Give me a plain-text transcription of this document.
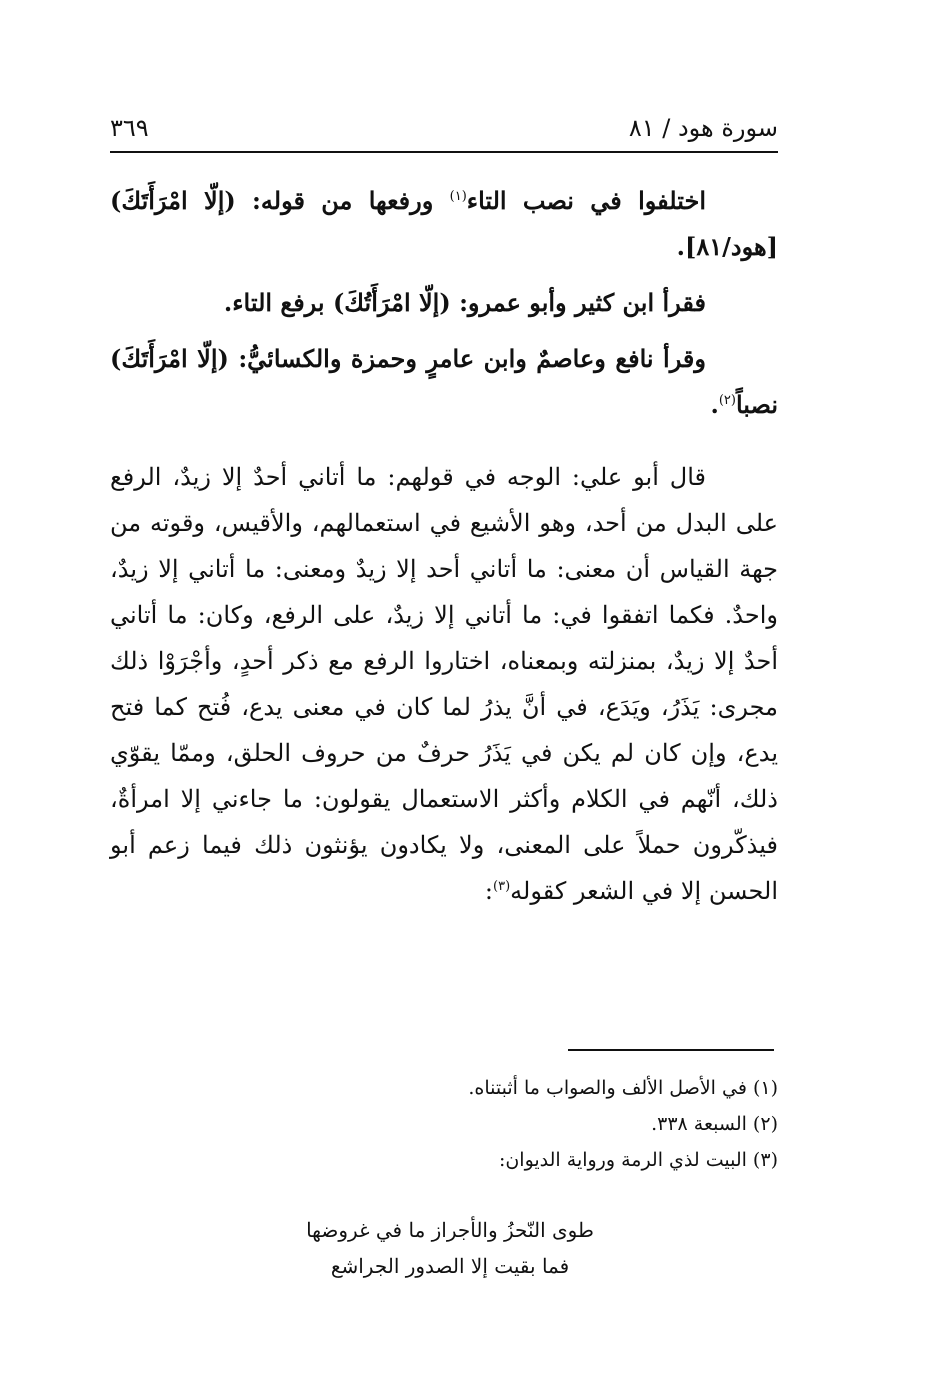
سورة هود / ٨١
٣٦٩

اختلفوا في نصب التاء$^{(١)}$ ورفعها من قوله: (إلّا امْرَأَتَكَ) [هود/٨١].

فقرأ ابن كثير وأبو عمرو: (إلّا امْرَأَتُكَ) برفع التاء.

وقرأ نافع وعاصمٌ وابن عامرٍ وحمزة والكسائيُّ: (إلّا امْرَأَتَكَ) نصباً$^{(٢)}$.

قال أبو علي: الوجه في قولهم: ما أتاني أحدٌ إلا زيدٌ، الرفع على البدل من أحد، وهو الأشيع في استعمالهم، والأقيس، وقوته من جهة القياس أن معنى: ما أتاني أحد إلا زيدٌ ومعنى: ما أتاني إلا زيدٌ، واحدٌ. فكما اتفقوا في: ما أتاني إلا زيدٌ، على الرفع، وكان: ما أتاني أحدٌ إلا زيدٌ، بمنزلته وبمعناه، اختاروا الرفع مع ذكر أحدٍ، وأجْرَوْا ذلك مجرى: يَذَرُ، ويَدَع، في أنَّ يذرُ لما كان في معنى يدع، فُتح كما فتح يدع، وإن كان لم يكن في يَذَرُ حرفٌ من حروف الحلق، وممّا يقوّي ذلك، أنّهم في الكلام وأكثر الاستعمال يقولون: ما جاءني إلا امرأةٌ، فيذكّرون حملاً على المعنى، ولا يكادون يؤنثون ذلك فيما زعم أبو الحسن إلا في الشعر كقوله$^{(٣)}$:

(١) في الأصل الألف والصواب ما أثبتناه.

(٢) السبعة ٣٣٨.

(٣) البيت لذي الرمة ورواية الديوان:

طوى النّحزُ والأجراز ما في غروضها
فما بقيت إلا الصدور الجراشع
